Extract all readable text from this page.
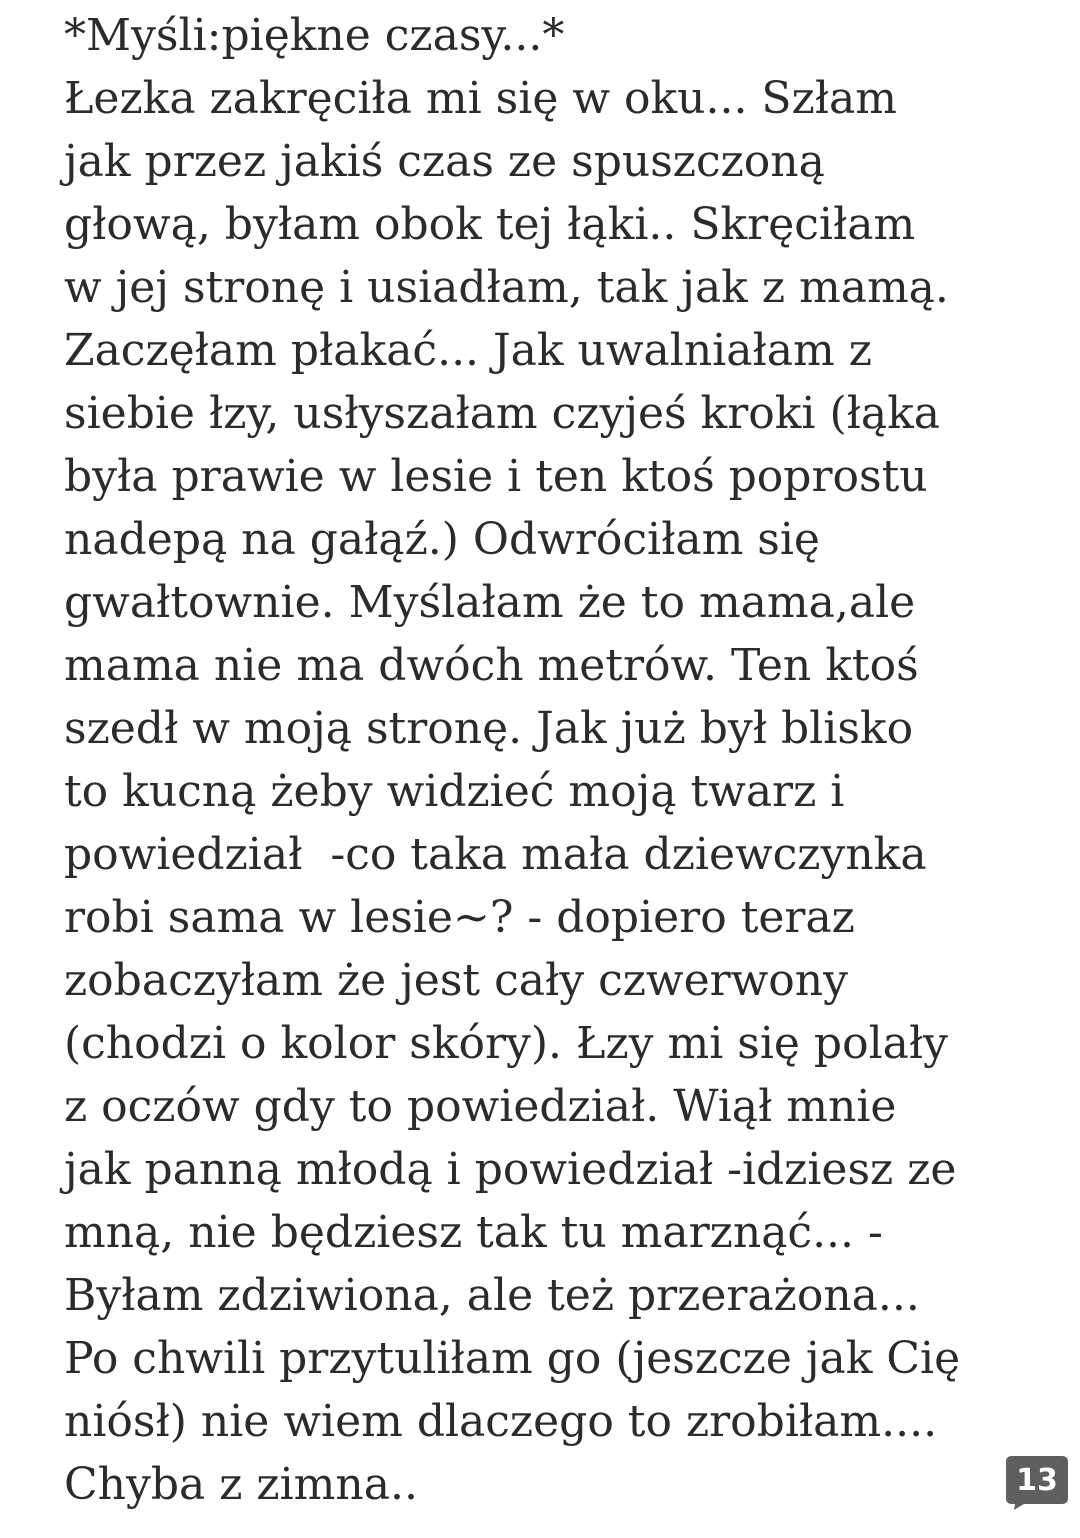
*Myśli:piękne czasy...*
Łezka zakręciła mi się w oku... Szłam
jak przez jakiś czas ze spuszczoną
głową, byłam obok tej łąki.. Skręciłam
w jej stronę i usiadłam, tak jak z mamą.
Zaczęłam płakać... Jak uwalniałam z
siebie łzy, usłyszałam czyjeś kroki (łąka
była prawie w lesie i ten ktoś poprostu
nadepą na gałąź.) Odwróciłam się
gwałtownie. Myślałam że to mama,ale
mama nie ma dwóch metrów. Ten ktoś
szedł w moją stronę. Jak już był blisko
to kucną żeby widzieć moją twarz i
powiedział  -co taka mała dziewczynka
robi sama w lesie~? - dopiero teraz
zobaczyłam że jest cały czwerwony
(chodzi o kolor skóry). Łzy mi się polały
z oczów gdy to powiedział. Wiął mnie
jak panną młodą i powiedział -idziesz ze
mną, nie będziesz tak tu marznąć... -
Byłam zdziwiona, ale też przerażona...
Po chwili przytuliłam go (jeszcze jak Cię
niósł) nie wiem dlaczego to zrobiłam....
Chyba z zimna..	13
